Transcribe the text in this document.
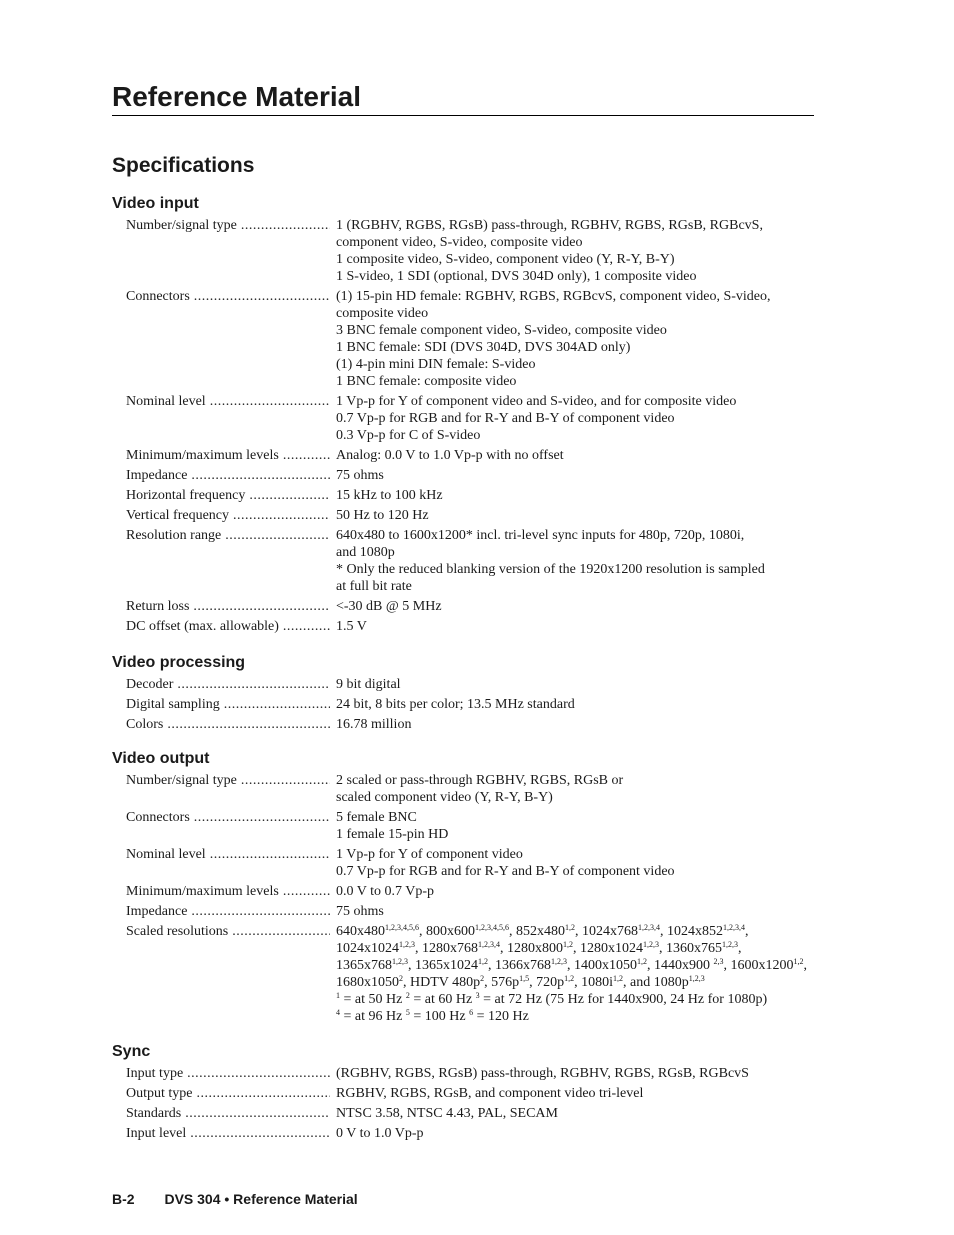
Reference Material
Specifications
Video input
Number/signal type .....	1 (RGBHV, RGBS, RGsB) pass-through, RGBHV, RGBS, RGsB, RGBcvS,
component video, S-video, composite video
1 composite video, S-video, component video (Y, R-Y, B-Y)
1 S-video, 1 SDI (optional, DVS 304D only), 1 composite video
Connectors .....	(1) 15-pin HD female: RGBHV, RGBS, RGBcvS, component video, S-video,
composite video
3 BNC female component video, S-video, composite video
1 BNC female: SDI (DVS 304D, DVS 304AD only)
(1) 4-pin mini DIN female: S-video
1 BNC female: composite video
Nominal level .....	1 Vp-p for Y of component video and S-video, and for composite video
0.7 Vp-p for RGB and for R-Y and B-Y of component video
0.3 Vp-p for C of S-video
Minimum/maximum levels .....	Analog: 0.0 V to 1.0 Vp-p with no offset
Impedance .....	75 ohms
Horizontal frequency .....	15 kHz to 100 kHz
Vertical frequency .....	50 Hz to 120 Hz
Resolution range .....	640x480 to 1600x1200* incl. tri-level sync inputs for 480p, 720p, 1080i,
and 1080p
* Only the reduced blanking version of the 1920x1200 resolution is sampled
at full bit rate
Return loss .....	<-30 dB @ 5 MHz
DC offset (max. allowable) .....	1.5 V
Video processing
Decoder .....	9 bit digital
Digital sampling .....	24 bit, 8 bits per color; 13.5 MHz standard
Colors .....	16.78 million
Video output
Number/signal type .....	2 scaled or pass-through RGBHV, RGBS, RGsB or
scaled component video (Y, R-Y, B-Y)
Connectors .....	5 female BNC
1 female 15-pin HD
Nominal level .....	1 Vp-p for Y of component video
0.7 Vp-p for RGB and for R-Y and B-Y of component video
Minimum/maximum levels .....	0.0 V to 0.7 Vp-p
Impedance .....	75 ohms
Scaled resolutions .....	640x480$^{1,2,3,4,5,6}$, 800x600$^{1,2,3,4,5,6}$, 852x480$^{1,2}$, 1024x768$^{1,2,3,4}$, 1024x852$^{1,2,3,4}$,
1024x1024$^{1,2,3}$, 1280x768$^{1,2,3,4}$, 1280x800$^{1,2}$, 1280x1024$^{1,2,3}$, 1360x765$^{1,2,3}$,
1365x768$^{1,2,3}$, 1365x1024$^{1,2}$, 1366x768$^{1,2,3}$, 1400x1050$^{1,2}$, 1440x900 $^{2,3}$, 1600x1200$^{1,2}$,
1680x1050$^2$, HDTV $480p^2$, $576p^{1,5}$, $720p^{1,2}$, $1080i^{1,2}$, and $1080p^{1,2,3}$
$^1$ = at 50 Hz $^2$ = at 60 Hz $^3$ = at 72 Hz (75 Hz for 1440x900, 24 Hz for 1080p)
$^4$ = at 96 Hz $^5$ = 100 Hz $^6$ = 120 Hz
Sync
Input type .....	(RGBHV, RGBS, RGsB) pass-through, RGBHV, RGBS, RGsB, RGBcvS
Output type .....	RGBHV, RGBS, RGsB, and component video tri-level
Standards .....	NTSC 3.58, NTSC 4.43, PAL, SECAM
Input level .....	0 V to 1.0 Vp-p
B-2 DVS 304 • Reference Material
